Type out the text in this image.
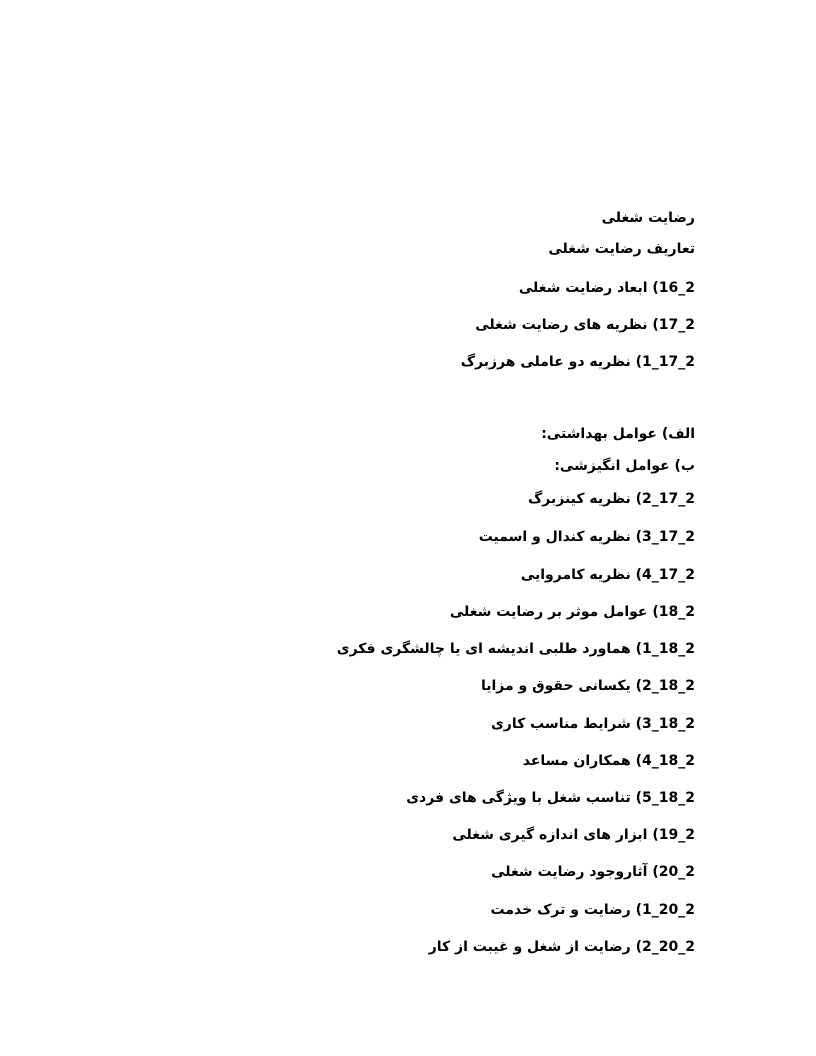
رضایت شغلی
تعاریف رضایت شغلی
2_16) ابعاد رضایت شغلی
2_17) نظریه های رضایت شغلی
2_17_1) نظریه دو عاملی هرزبرگ
الف) عوامل بهداشتی:
ب) عوامل انگیزشی:
2_17_2) نظریه کینزبرگ
2_17_3) نظریه کندال و اسمیت
2_17_4) نظریه کامروایی
2_18) عوامل موثر بر رضایت شغلی
2_18_1) هماورد طلبی اندیشه ای یا چالشگری فکری
2_18_2) یکسانی حقوق و مزایا
2_18_3) شرایط مناسب کاری
2_18_4) همکاران مساعد
2_18_5) تناسب شغل با ویژگی های فردی
2_19) ابزار های اندازه گیری شغلی
2_20) آثاروجود رضایت شغلی
2_20_1) رضایت و ترک خدمت
2_20_2) رضایت از شغل و غیبت از کار
